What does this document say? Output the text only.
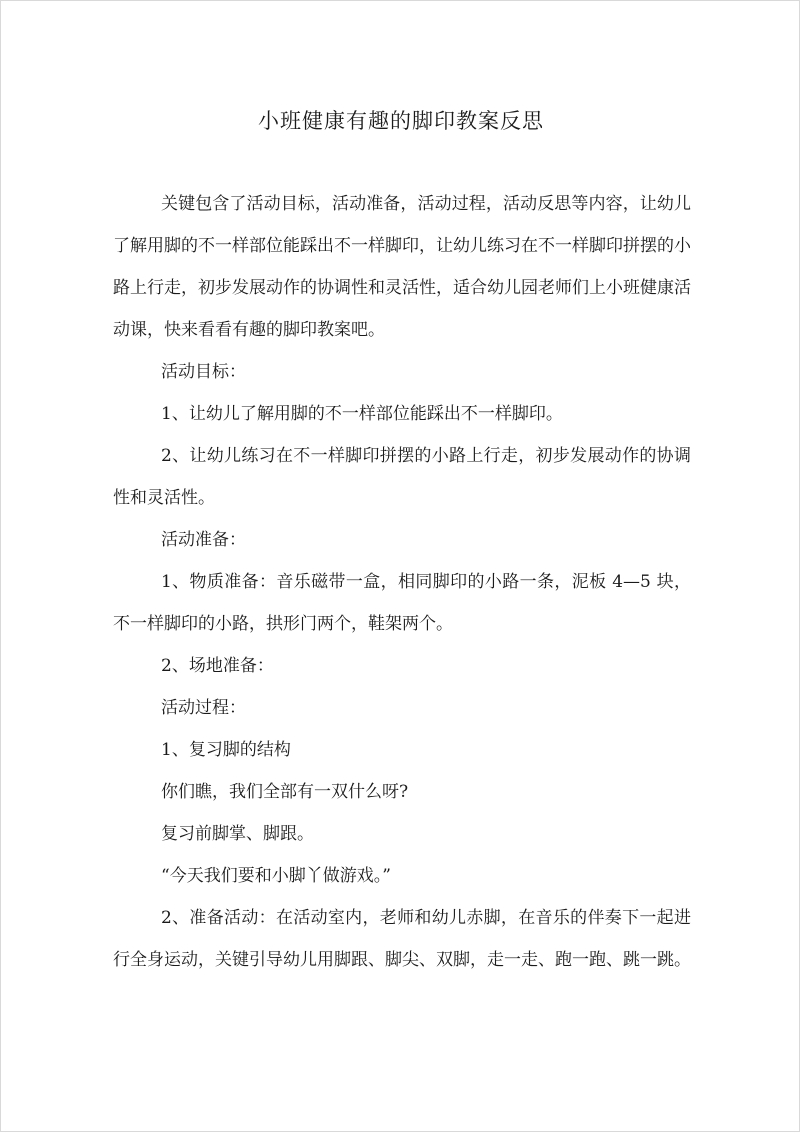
小班健康有趣的脚印教案反思

关键包含了活动目标，活动准备，活动过程，活动反思等内容，让幼儿了解用脚的不一样部位能踩出不一样脚印，让幼儿练习在不一样脚印拼摆的小路上行走，初步发展动作的协调性和灵活性，适合幼儿园老师们上小班健康活动课，快来看看有趣的脚印教案吧。

活动目标：

1、让幼儿了解用脚的不一样部位能踩出不一样脚印。

2、让幼儿练习在不一样脚印拼摆的小路上行走，初步发展动作的协调性和灵活性。

活动准备：

1、物质准备：音乐磁带一盒，相同脚印的小路一条，泥板 4—5 块，不一样脚印的小路，拱形门两个，鞋架两个。

2、场地准备：

活动过程：

1、复习脚的结构

你们瞧，我们全部有一双什么呀?

复习前脚掌、脚跟。

“今天我们要和小脚丫做游戏。”

2、准备活动：在活动室内，老师和幼儿赤脚，在音乐的伴奏下一起进行全身运动，关键引导幼儿用脚跟、脚尖、双脚，走一走、跑一跑、跳一跳。
